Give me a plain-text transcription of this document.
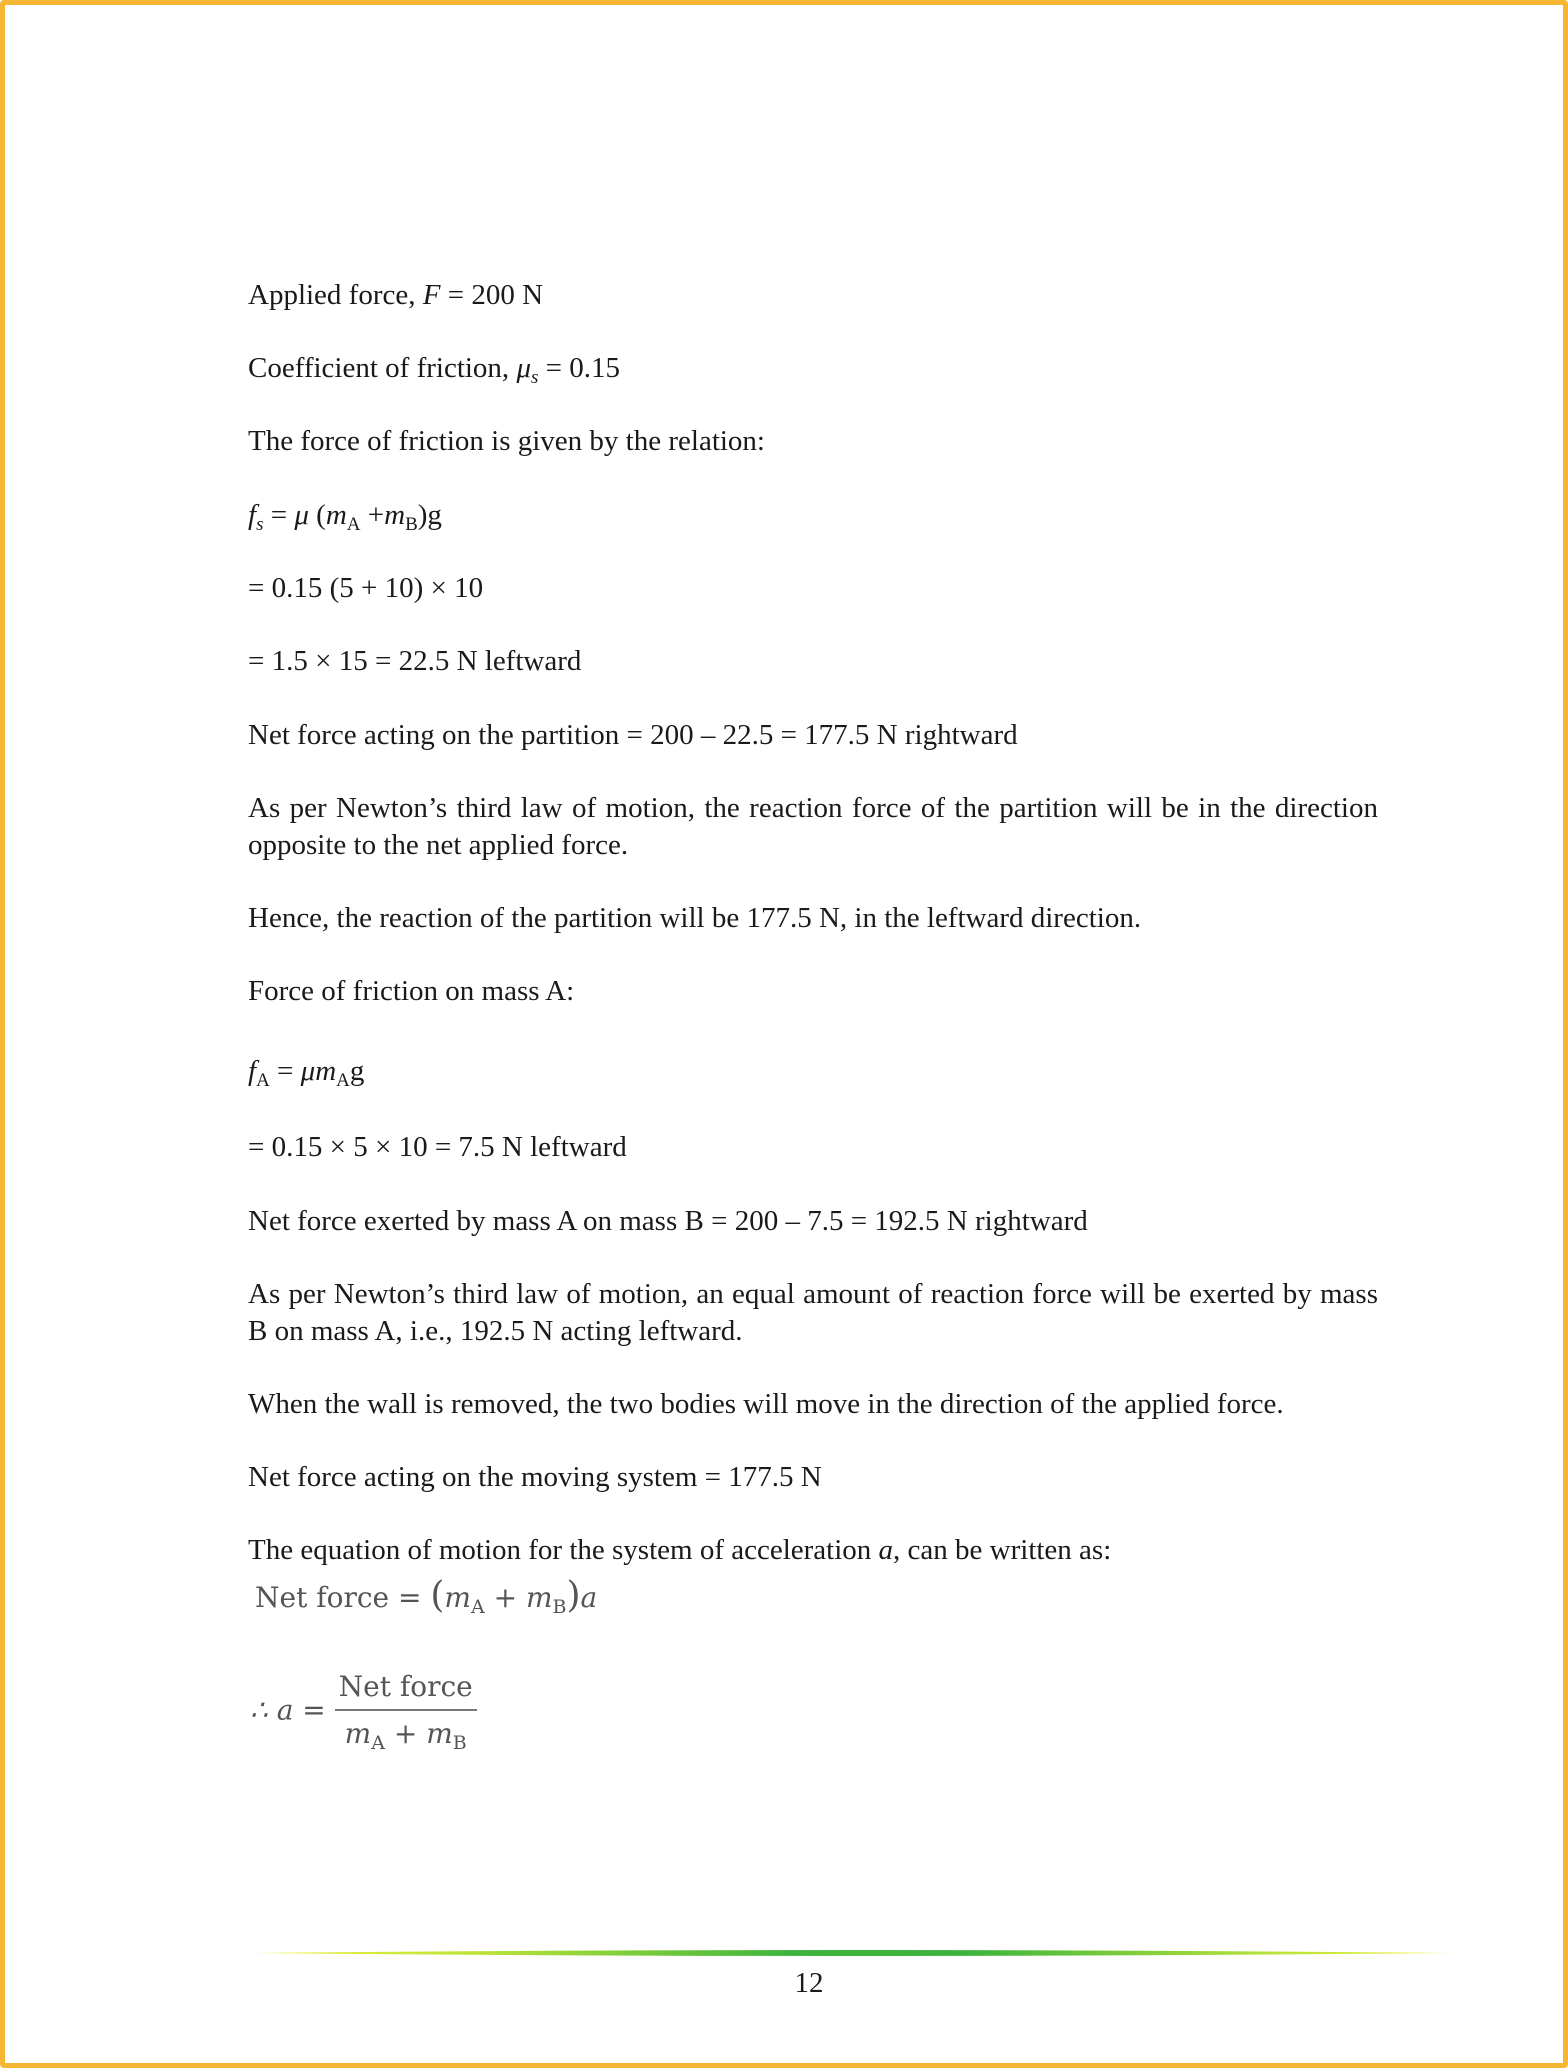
Applied force, F = 200 N

Coefficient of friction, $\mu_s = 0.15$

The force of friction is given by the relation:

$f_s = \mu$ $(m_A +m_B)g$

= 0.15 (5 + 10) × 10

= 1.5 × 15 = 22.5 N leftward

Net force acting on the partition = 200 – 22.5 = 177.5 N rightward

As per Newton’s third law of motion, the reaction force of the partition will be in the direction opposite to the net applied force.

Hence, the reaction of the partition will be 177.5 N, in the leftward direction.

Force of friction on mass A:

$f_A = \mu m_Ag$

= 0.15 × 5 × 10 = 7.5 N leftward

Net force exerted by mass A on mass B = 200 – 7.5 = 192.5 N rightward

As per Newton’s third law of motion, an equal amount of reaction force will be exerted by mass B on mass A, i.e., 192.5 N acting leftward.

When the wall is removed, the two bodies will move in the direction of the applied force.

Net force acting on the moving system = 177.5 N

The equation of motion for the system of acceleration a, can be written as:

Net force = $(m_A + m_B)a$
∴ $a = \frac{\text{Net force}}{m_A + m_B}$
12
